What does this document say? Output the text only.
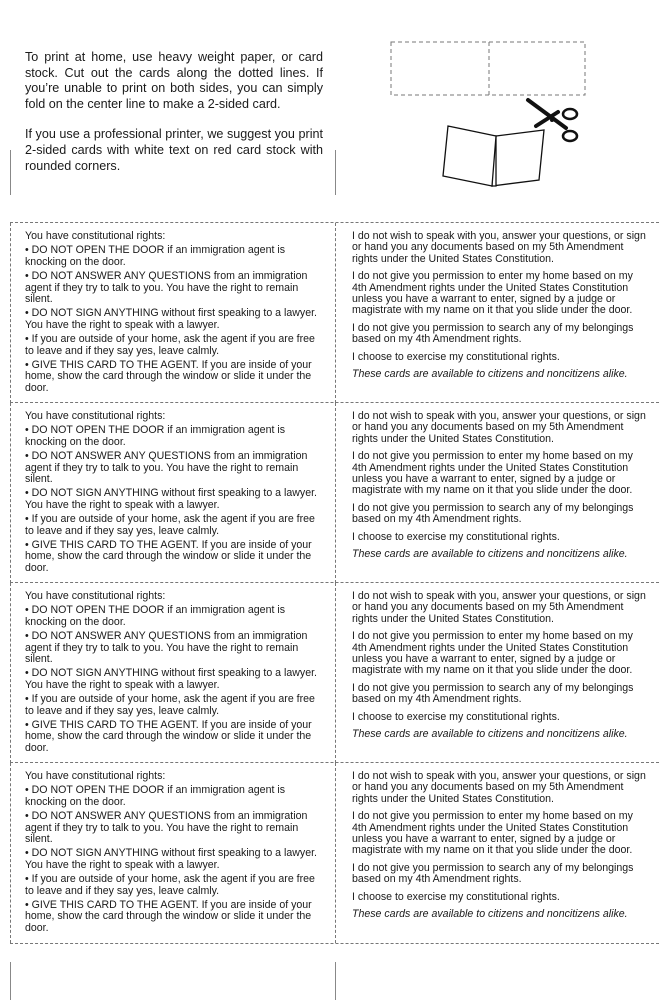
To print at home, use heavy weight paper, or card stock. Cut out the cards along the dotted lines. If you’re unable to print on both sides, you can simply fold on the center line to make a 2-sided card.

If you use a professional printer, we suggest you print 2-sided cards with white text on red card stock with rounded corners.

You have constitutional rights:

• DO NOT OPEN THE DOOR if an immigration agent is knocking on the door.

• DO NOT ANSWER ANY QUESTIONS from an immigration agent if they try to talk to you. You have the right to remain silent.

• DO NOT SIGN ANYTHING without first speaking to a lawyer. You have the right to speak with a lawyer.

• If you are outside of your home, ask the agent if you are free to leave and if they say yes, leave calmly.

• GIVE THIS CARD TO THE AGENT. If you are inside of your home, show the card through the window or slide it under the door.

I do not wish to speak with you, answer your questions, or sign or hand you any documents based on my 5th Amendment rights under the United States Constitution.

I do not give you permission to enter my home based on my 4th Amendment rights under the United States Constitution unless you have a warrant to enter, signed by a judge or magistrate with my name on it that you slide under the door.

I do not give you permission to search any of my belongings based on my 4th Amendment rights.

I choose to exercise my constitutional rights.

These cards are available to citizens and noncitizens alike.

You have constitutional rights:

• DO NOT OPEN THE DOOR if an immigration agent is knocking on the door.

• DO NOT ANSWER ANY QUESTIONS from an immigration agent if they try to talk to you. You have the right to remain silent.

• DO NOT SIGN ANYTHING without first speaking to a lawyer. You have the right to speak with a lawyer.

• If you are outside of your home, ask the agent if you are free to leave and if they say yes, leave calmly.

• GIVE THIS CARD TO THE AGENT. If you are inside of your home, show the card through the window or slide it under the door.

I do not wish to speak with you, answer your questions, or sign or hand you any documents based on my 5th Amendment rights under the United States Constitution.

I do not give you permission to enter my home based on my 4th Amendment rights under the United States Constitution unless you have a warrant to enter, signed by a judge or magistrate with my name on it that you slide under the door.

I do not give you permission to search any of my belongings based on my 4th Amendment rights.

I choose to exercise my constitutional rights.

These cards are available to citizens and noncitizens alike.

You have constitutional rights:

• DO NOT OPEN THE DOOR if an immigration agent is knocking on the door.

• DO NOT ANSWER ANY QUESTIONS from an immigration agent if they try to talk to you. You have the right to remain silent.

• DO NOT SIGN ANYTHING without first speaking to a lawyer. You have the right to speak with a lawyer.

• If you are outside of your home, ask the agent if you are free to leave and if they say yes, leave calmly.

• GIVE THIS CARD TO THE AGENT. If you are inside of your home, show the card through the window or slide it under the door.

I do not wish to speak with you, answer your questions, or sign or hand you any documents based on my 5th Amendment rights under the United States Constitution.

I do not give you permission to enter my home based on my 4th Amendment rights under the United States Constitution unless you have a warrant to enter, signed by a judge or magistrate with my name on it that you slide under the door.

I do not give you permission to search any of my belongings based on my 4th Amendment rights.

I choose to exercise my constitutional rights.

These cards are available to citizens and noncitizens alike.

You have constitutional rights:

• DO NOT OPEN THE DOOR if an immigration agent is knocking on the door.

• DO NOT ANSWER ANY QUESTIONS from an immigration agent if they try to talk to you. You have the right to remain silent.

• DO NOT SIGN ANYTHING without first speaking to a lawyer. You have the right to speak with a lawyer.

• If you are outside of your home, ask the agent if you are free to leave and if they say yes, leave calmly.

• GIVE THIS CARD TO THE AGENT. If you are inside of your home, show the card through the window or slide it under the door.

I do not wish to speak with you, answer your questions, or sign or hand you any documents based on my 5th Amendment rights under the United States Constitution.

I do not give you permission to enter my home based on my 4th Amendment rights under the United States Constitution unless you have a warrant to enter, signed by a judge or magistrate with my name on it that you slide under the door.

I do not give you permission to search any of my belongings based on my 4th Amendment rights.

I choose to exercise my constitutional rights.

These cards are available to citizens and noncitizens alike.
